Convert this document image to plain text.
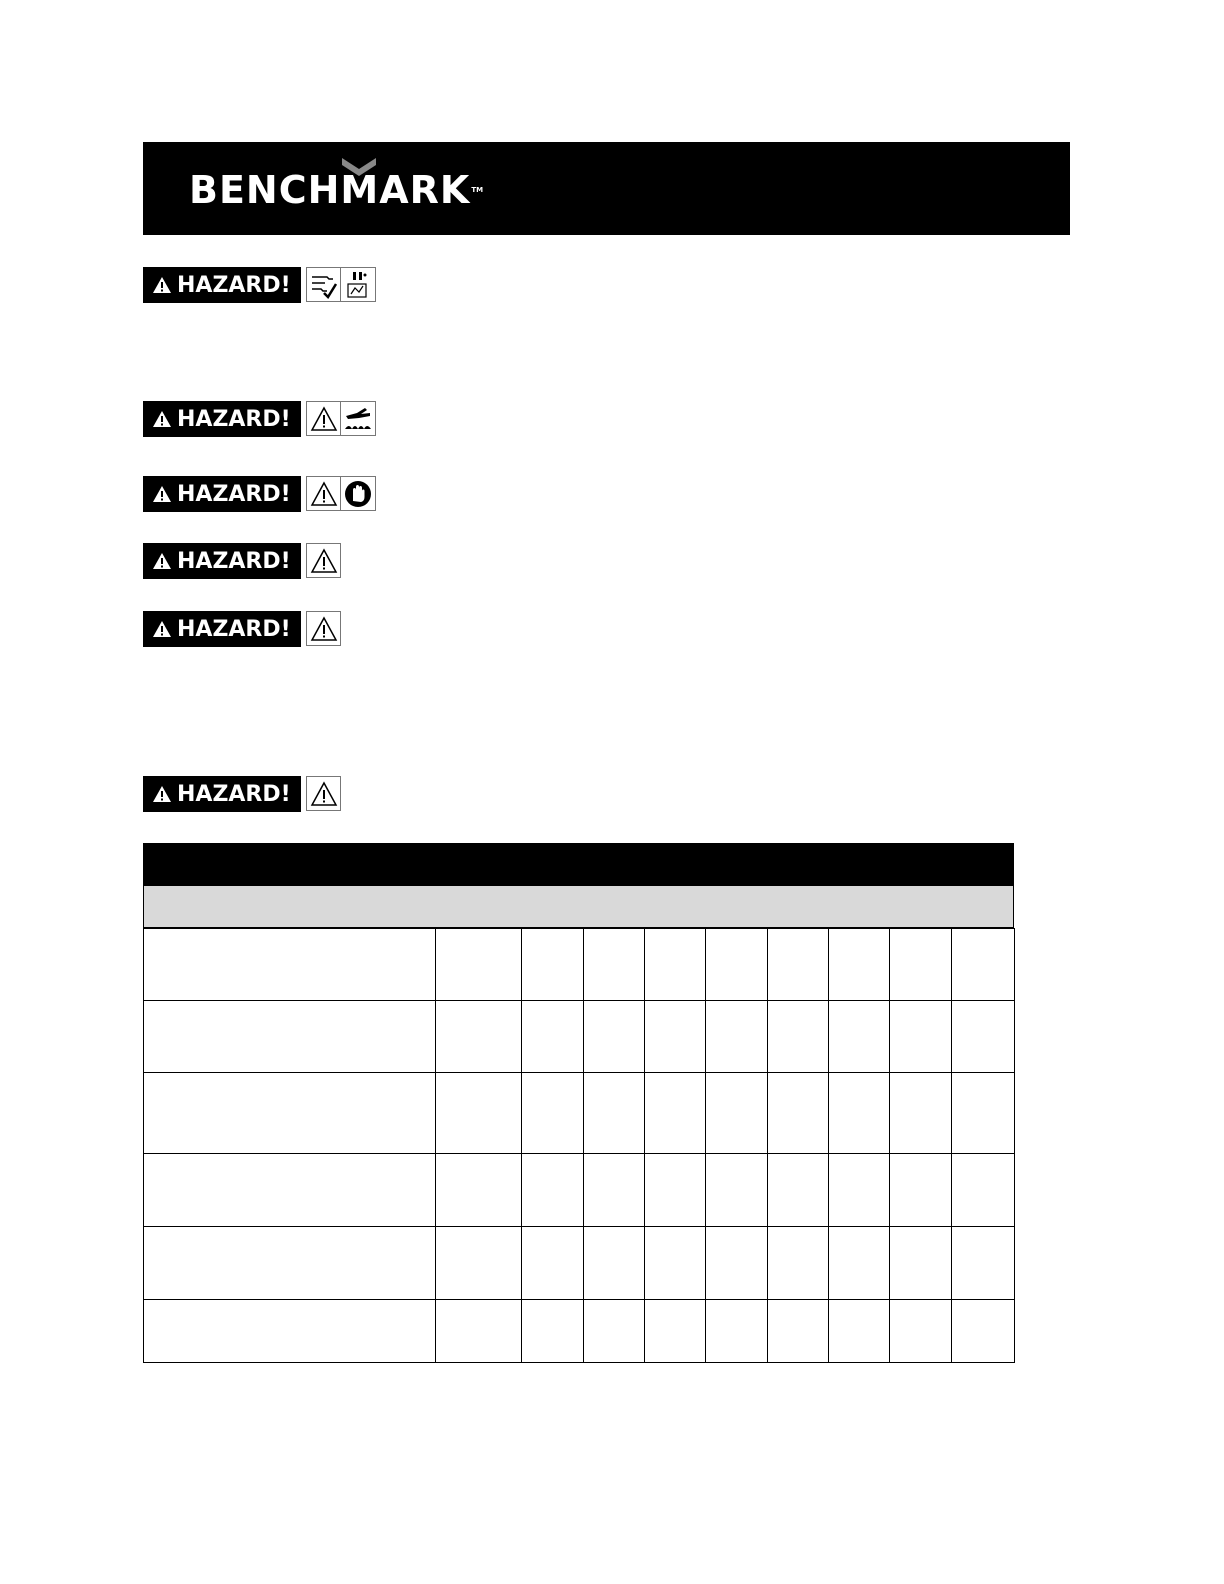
BENCHMARKTM
HAZARD!
HAZARD!
HAZARD!
HAZARD!
HAZARD!
HAZARD!
